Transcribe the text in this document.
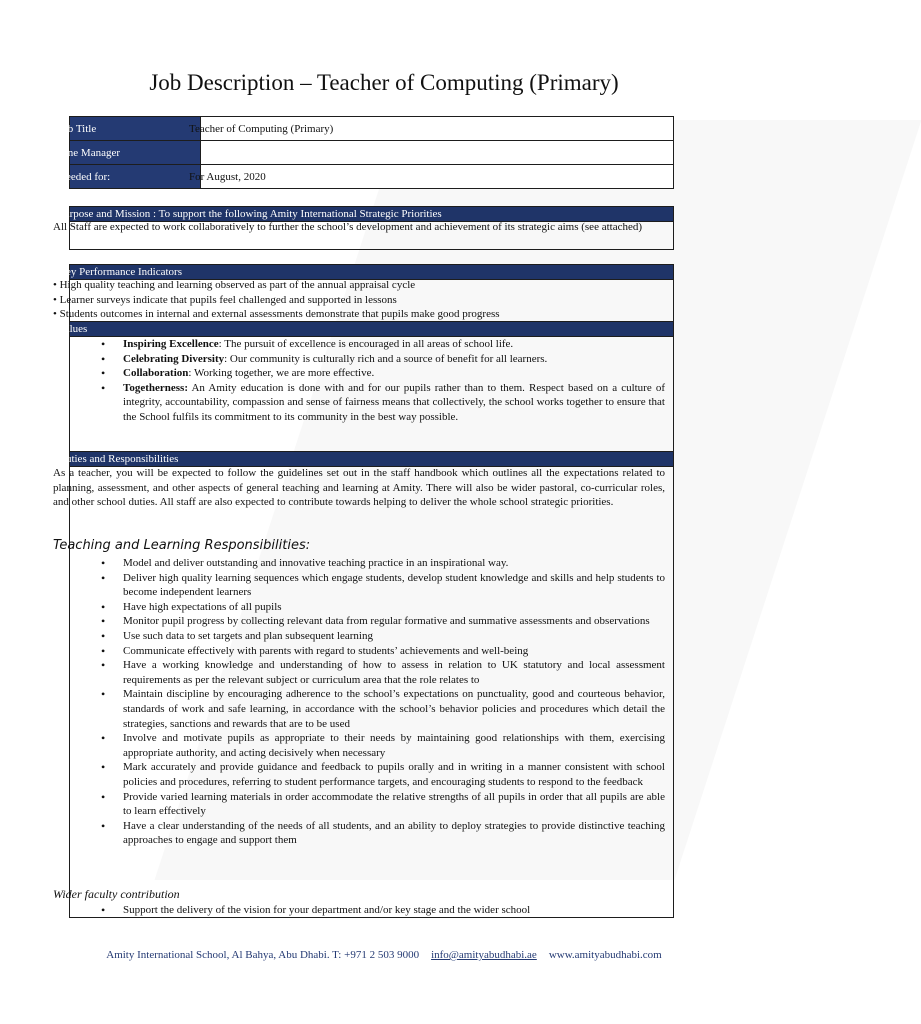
Job Description – Teacher of Computing (Primary)
Job Title	Teacher of Computing (Primary)
Line Manager	
Needed for:	For August, 2020
Purpose and Mission : To support the following Amity International Strategic Priorities
All Staff are expected to work collaboratively to further the school’s development and achievement of its strategic aims (see attached)
Key Performance Indicators
• High quality teaching and learning observed as part of the annual appraisal cycle
• Learner surveys indicate that pupils feel challenged and supported in lessons
• Students outcomes in internal and external assessments demonstrate that pupils make good progress
Values
• Inspiring Excellence: The pursuit of excellence is encouraged in all areas of school life.
• Celebrating Diversity: Our community is culturally rich and a source of benefit for all learners.
• Collaboration: Working together, we are more effective.
• Togetherness: An Amity education is done with and for our pupils rather than to them. Respect based on a culture of integrity, accountability, compassion and sense of fairness means that collectively, the school works together to ensure that the School fulfils its commitment to its community in the best way possible.
Duties and Responsibilities
As a teacher, you will be expected to follow the guidelines set out in the staff handbook which outlines all the expectations related to planning, assessment, and other aspects of general teaching and learning at Amity. There will also be wider pastoral, co-curricular roles, and other school duties. All staff are also expected to contribute towards helping to deliver the whole school strategic priorities.
Teaching and Learning Responsibilities:
• Model and deliver outstanding and innovative teaching practice in an inspirational way.
• Deliver high quality learning sequences which engage students, develop student knowledge and skills and help students to become independent learners
• Have high expectations of all pupils
• Monitor pupil progress by collecting relevant data from regular formative and summative assessments and observations
• Use such data to set targets and plan subsequent learning
• Communicate effectively with parents with regard to students’ achievements and well-being
• Have a working knowledge and understanding of how to assess in relation to UK statutory and local assessment requirements as per the relevant subject or curriculum area that the role relates to
• Maintain discipline by encouraging adherence to the school’s expectations on punctuality, good and courteous behavior, standards of work and safe learning, in accordance with the school’s behavior policies and procedures which detail the strategies, sanctions and rewards that are to be used
• Involve and motivate pupils as appropriate to their needs by maintaining good relationships with them, exercising appropriate authority, and acting decisively when necessary
• Mark accurately and provide guidance and feedback to pupils orally and in writing in a manner consistent with school policies and procedures, referring to student performance targets, and encouraging students to respond to the feedback
• Provide varied learning materials in order accommodate the relative strengths of all pupils in order that all pupils are able to learn effectively
• Have a clear understanding of the needs of all students, and an ability to deploy strategies to provide distinctive teaching approaches to engage and support them
Wider faculty contribution
• Support the delivery of the vision for your department and/or key stage and the wider school
Amity International School, Al Bahya, Abu Dhabi. T: +971 2 503 9000 info@amityabudhabi.ae www.amityabudhabi.com
